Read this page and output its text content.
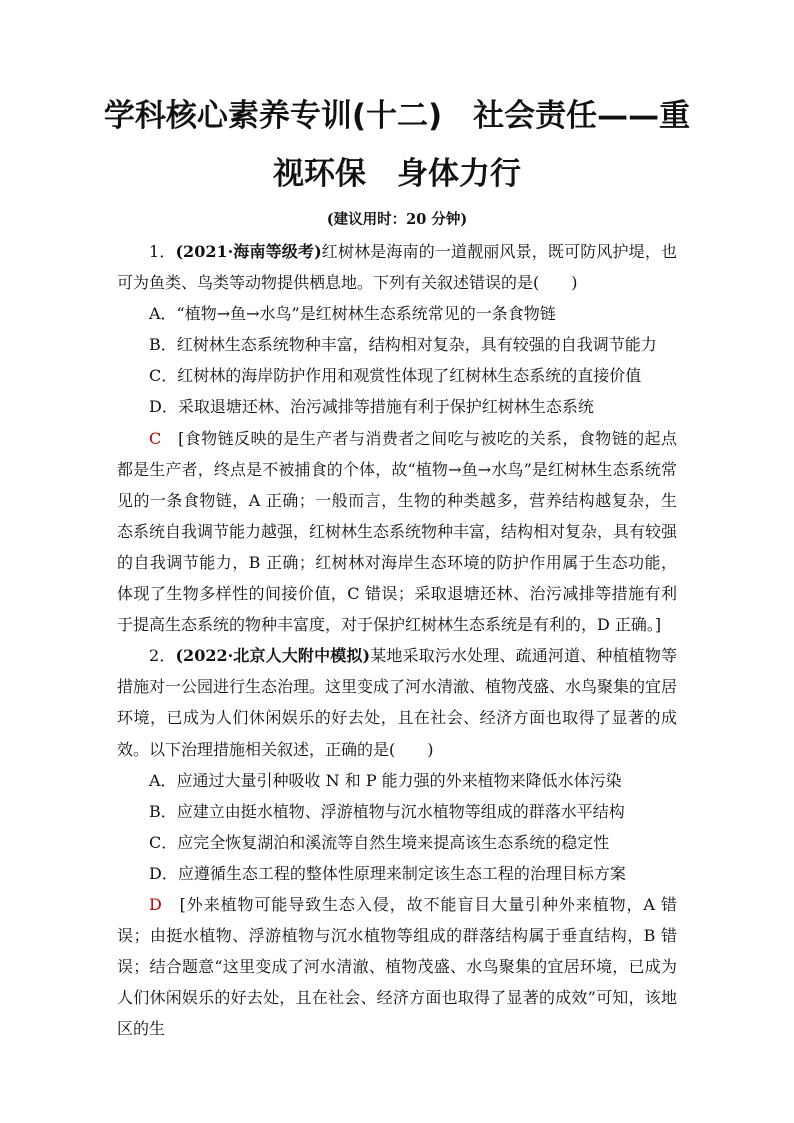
学科核心素养专训(十二)　社会责任——重
视环保　身体力行
(建议用时：20 分钟)

1．(2021·海南等级考)红树林是海南的一道靓丽风景，既可防风护堤，也可为鱼类、鸟类等动物提供栖息地。下列有关叙述错误的是(　　)

A．“植物→鱼→水鸟”是红树林生态系统常见的一条食物链

B．红树林生态系统物种丰富，结构相对复杂，具有较强的自我调节能力

C．红树林的海岸防护作用和观赏性体现了红树林生态系统的直接价值

D．采取退塘还林、治污减排等措施有利于保护红树林生态系统

C　 [食物链反映的是生产者与消费者之间吃与被吃的关系，食物链的起点都是生产者，终点是不被捕食的个体，故“植物→鱼→水鸟”是红树林生态系统常见的一条食物链，A 正确；一般而言，生物的种类越多，营养结构越复杂，生态系统自我调节能力越强，红树林生态系统物种丰富，结构相对复杂，具有较强的自我调节能力，B 正确；红树林对海岸生态环境的防护作用属于生态功能，体现了生物多样性的间接价值，C 错误；采取退塘还林、治污减排等措施有利于提高生态系统的物种丰富度，对于保护红树林生态系统是有利的，D 正确。]

2．(2022·北京人大附中模拟)某地采取污水处理、疏通河道、种植植物等措施对一公园进行生态治理。这里变成了河水清澈、植物茂盛、水鸟聚集的宜居环境，已成为人们休闲娱乐的好去处，且在社会、经济方面也取得了显著的成效。以下治理措施相关叙述，正确的是(　　)

A．应通过大量引种吸收 N 和 P 能力强的外来植物来降低水体污染

B．应建立由挺水植物、浮游植物与沉水植物等组成的群落水平结构

C．应完全恢复湖泊和溪流等自然生境来提高该生态系统的稳定性

D．应遵循生态工程的整体性原理来制定该生态工程的治理目标方案

D　 [外来植物可能导致生态入侵，故不能盲目大量引种外来植物，A 错误；由挺水植物、浮游植物与沉水植物等组成的群落结构属于垂直结构，B 错误；结合题意“这里变成了河水清澈、植物茂盛、水鸟聚集的宜居环境，已成为人们休闲娱乐的好去处，且在社会、经济方面也取得了显著的成效”可知，该地区的生
